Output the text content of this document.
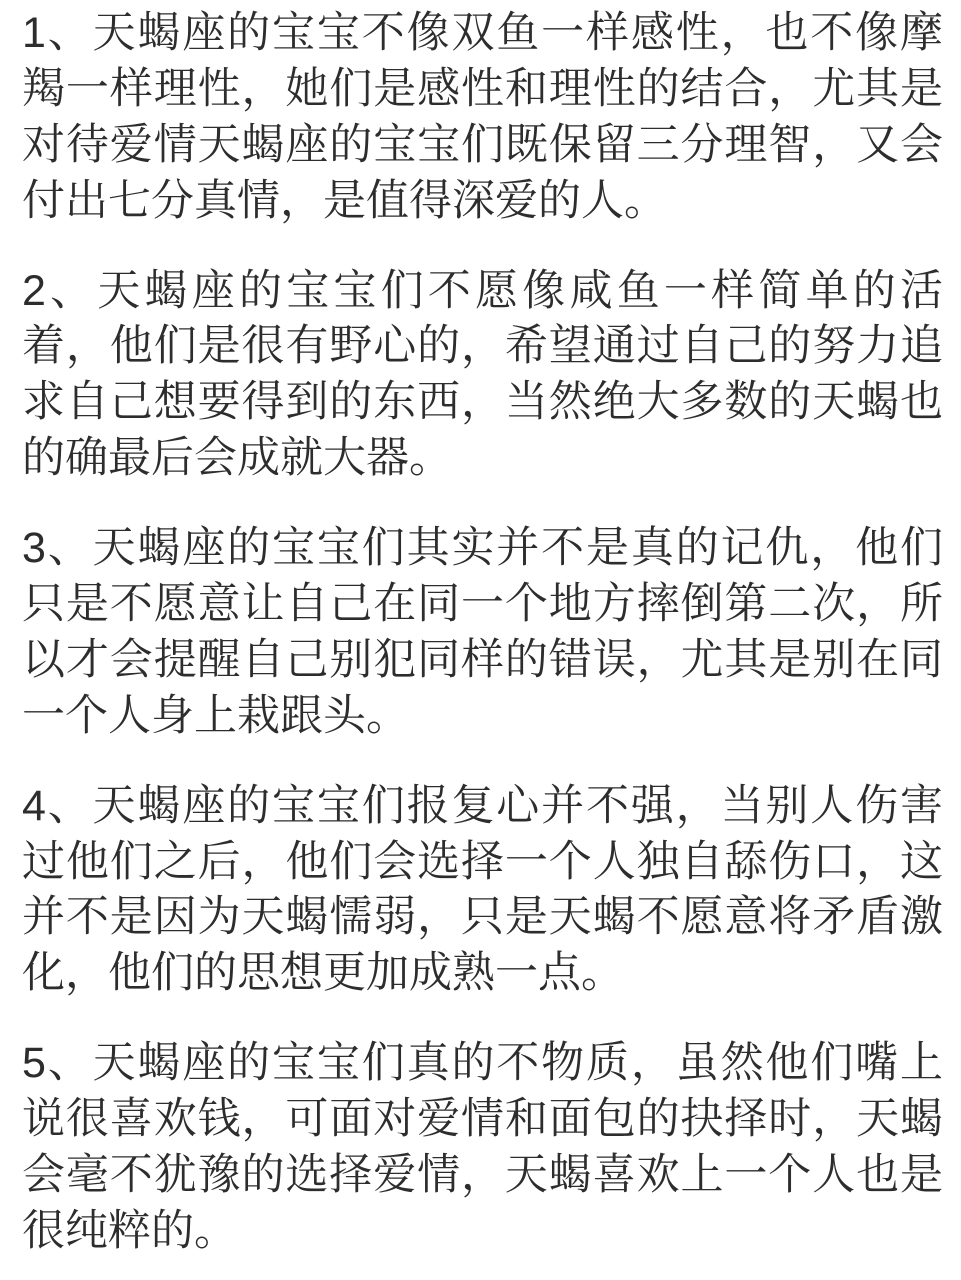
1、天蝎座的宝宝不像双鱼一样感性，也不像摩羯一样理性，她们是感性和理性的结合，尤其是对待爱情天蝎座的宝宝们既保留三分理智，又会付出七分真情，是值得深爱的人。

2、天蝎座的宝宝们不愿像咸鱼一样简单的活着，他们是很有野心的，希望通过自己的努力追求自己想要得到的东西，当然绝大多数的天蝎也的确最后会成就大器。

3、天蝎座的宝宝们其实并不是真的记仇，他们只是不愿意让自己在同一个地方摔倒第二次，所以才会提醒自己别犯同样的错误，尤其是别在同一个人身上栽跟头。

4、天蝎座的宝宝们报复心并不强，当别人伤害过他们之后，他们会选择一个人独自舔伤口，这并不是因为天蝎懦弱，只是天蝎不愿意将矛盾激化，他们的思想更加成熟一点。

5、天蝎座的宝宝们真的不物质，虽然他们嘴上说很喜欢钱，可面对爱情和面包的抉择时，天蝎会毫不犹豫的选择爱情，天蝎喜欢上一个人也是很纯粹的。
